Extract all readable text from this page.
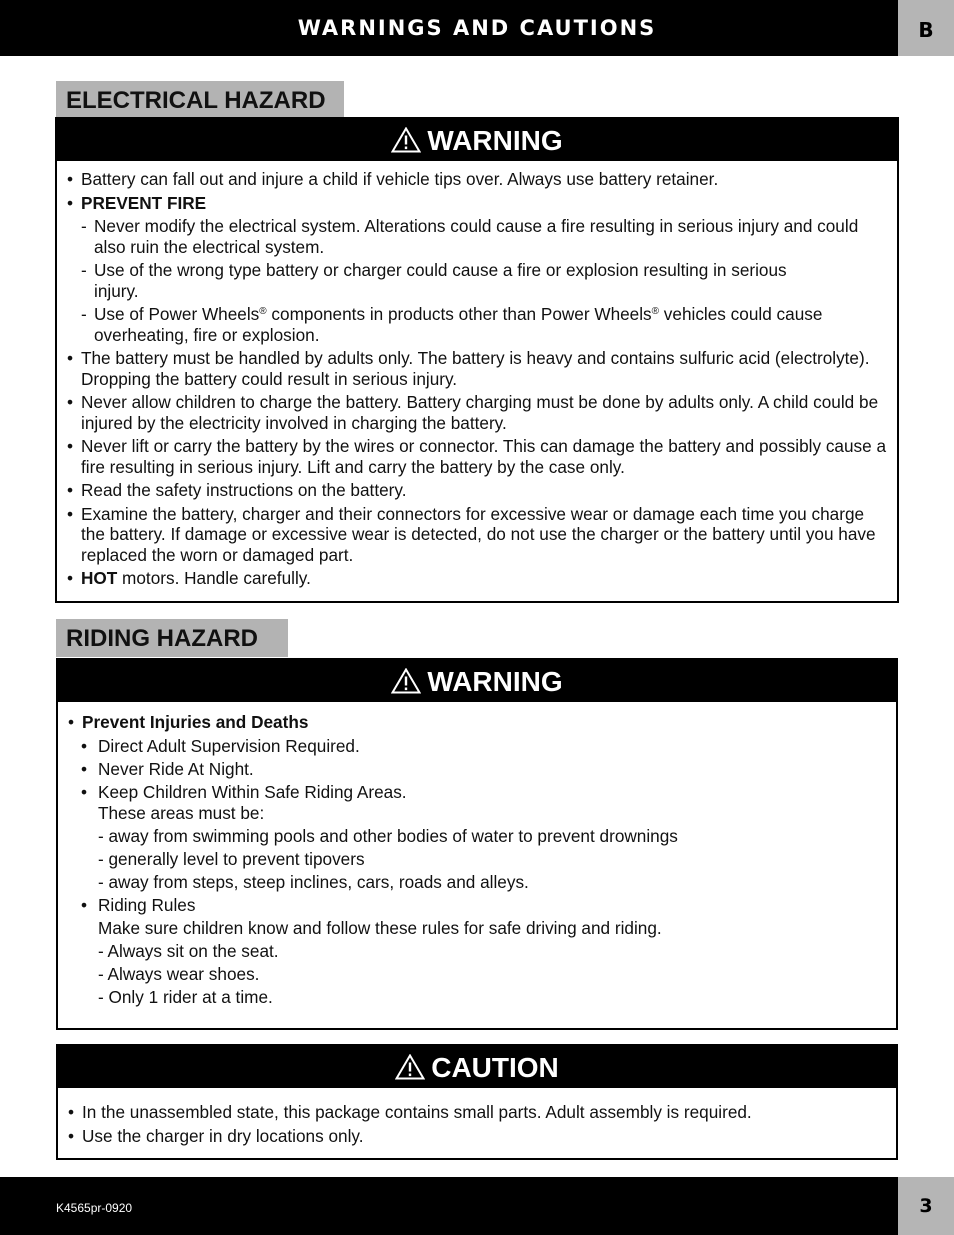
WARNINGS AND CAUTIONS	B
ELECTRICAL HAZARD
WARNING
• Battery can fall out and injure a child if vehicle tips over. Always use battery retainer.
• PREVENT FIRE
- Never modify the electrical system. Alterations could cause a fire resulting in serious injury and could also ruin the electrical system.
- Use of the wrong type battery or charger could cause a fire or explosion resulting in serious injury.
- Use of Power Wheels® components in products other than Power Wheels® vehicles could cause overheating, fire or explosion.
• The battery must be handled by adults only. The battery is heavy and contains sulfuric acid (electrolyte). Dropping the battery could result in serious injury.
• Never allow children to charge the battery. Battery charging must be done by adults only. A child could be injured by the electricity involved in charging the battery.
• Never lift or carry the battery by the wires or connector. This can damage the battery and possibly cause a fire resulting in serious injury. Lift and carry the battery by the case only.
• Read the safety instructions on the battery.
• Examine the battery, charger and their connectors for excessive wear or damage each time you charge the battery. If damage or excessive wear is detected, do not use the charger or the battery until you have replaced the worn or damaged part.
• HOT motors. Handle carefully.
RIDING HAZARD
WARNING
• Prevent Injuries and Deaths
• Direct Adult Supervision Required.
• Never Ride At Night.
• Keep Children Within Safe Riding Areas.
These areas must be:
- away from swimming pools and other bodies of water to prevent drownings
- generally level to prevent tipovers
- away from steps, steep inclines, cars, roads and alleys.
• Riding Rules
Make sure children know and follow these rules for safe driving and riding.
- Always sit on the seat.
- Always wear shoes.
- Only 1 rider at a time.
CAUTION
• In the unassembled state, this package contains small parts. Adult assembly is required.
• Use the charger in dry locations only.
K4565pr-0920	3
